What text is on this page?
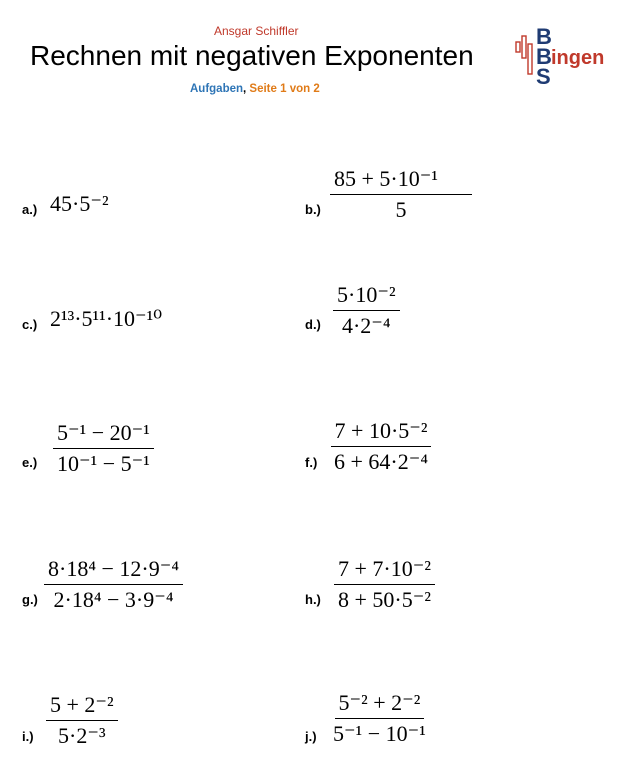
Ansgar Schiffler
Rechnen mit negativen Exponenten
Aufgaben, Seite 1 von 2
B
B
S
ingen
a.) 45·5⁻²	$b.) \frac{\text{85 + 5·10⁻¹}}{5}$
c.) 2¹³·5¹¹·10⁻¹⁰	$d.) \frac{\text{5·10⁻²}}{\text{4·2⁻⁴}}$
$e.) \frac{\text{5⁻¹ − 20⁻¹}}{\text{10⁻¹ − 5⁻¹}}$	$f.) \frac{\text{7 + 10·5⁻²}}{\text{6 + 64·2⁻⁴}}$
$g.) \frac{\text{8·18⁴ − 12·9⁻⁴}}{\text{2·18⁴ − 3·9⁻⁴}}$	$h.) \frac{\text{7 + 7·10⁻²}}{\text{8 + 50·5⁻²}}$
$i.) \frac{\text{5 + 2⁻²}}{\text{5·2⁻³}}$	$j.) \frac{\text{5⁻² + 2⁻²}}{\text{5⁻¹ − 10⁻¹}}$
